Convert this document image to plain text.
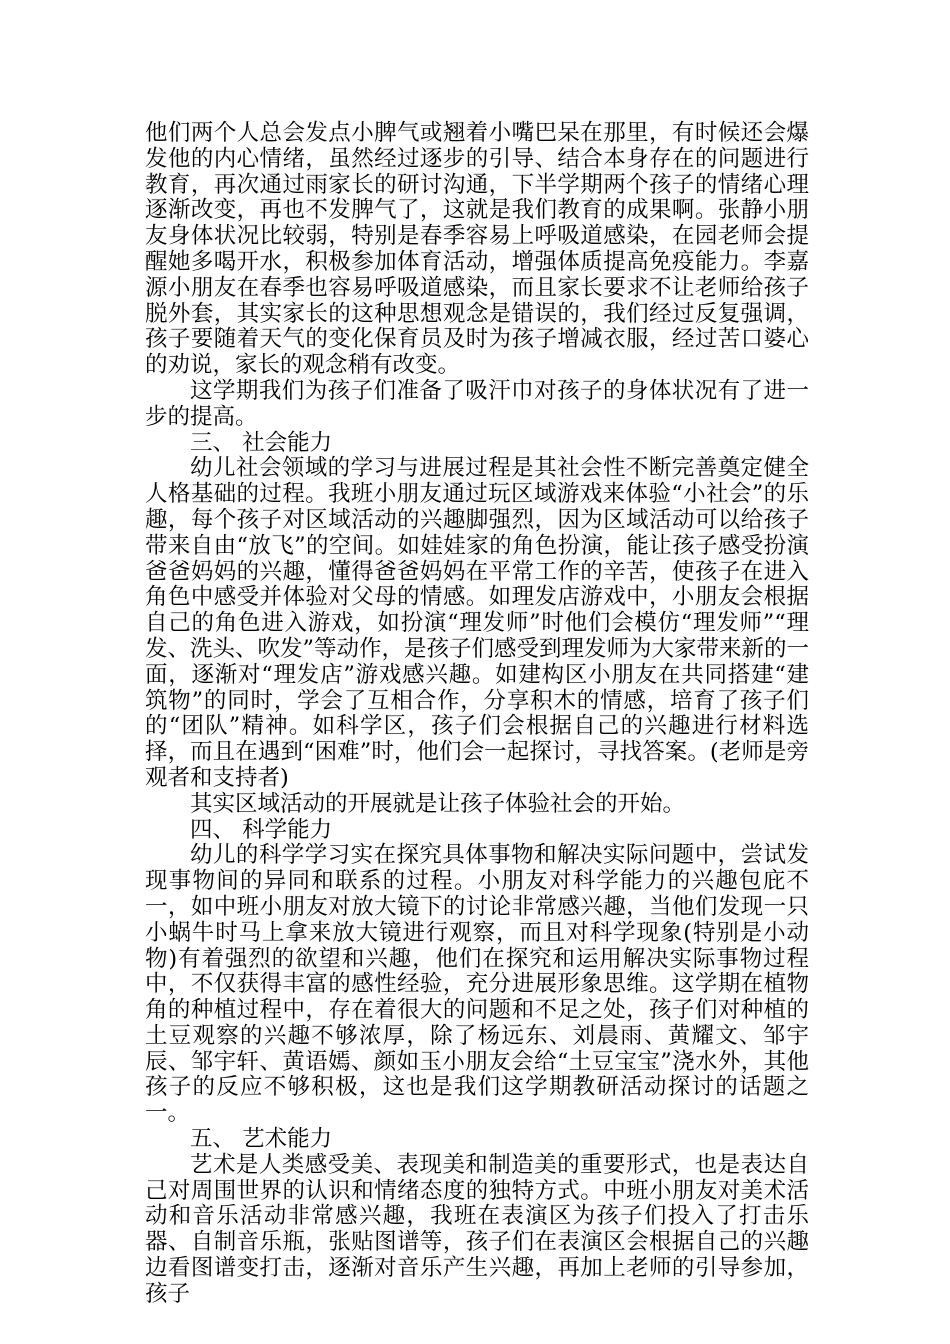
他们两个人总会发点小脾气或翘着小嘴巴呆在那里，有时候还会爆发他的内心情绪，虽然经过逐步的引导、结合本身存在的问题进行教育，再次通过雨家长的研讨沟通，下半学期两个孩子的情绪心理逐渐改变，再也不发脾气了，这就是我们教育的成果啊。张静小朋友身体状况比较弱，特别是春季容易上呼吸道感染，在园老师会提醒她多喝开水，积极参加体育活动，增强体质提高免疫能力。李嘉源小朋友在春季也容易呼吸道感染，而且家长要求不让老师给孩子脱外套，其实家长的这种思想观念是错误的，我们经过反复强调，孩子要随着天气的变化保育员及时为孩子增减衣服，经过苦口婆心的劝说，家长的观念稍有改变。

这学期我们为孩子们准备了吸汗巾对孩子的身体状况有了进一步的提高。

三、 社会能力

幼儿社会领域的学习与进展过程是其社会性不断完善奠定健全人格基础的过程。我班小朋友通过玩区域游戏来体验“小社会”的乐趣，每个孩子对区域活动的兴趣脚强烈，因为区域活动可以给孩子带来自由“放飞”的空间。如娃娃家的角色扮演，能让孩子感受扮演爸爸妈妈的兴趣，懂得爸爸妈妈在平常工作的辛苦，使孩子在进入角色中感受并体验对父母的情感。如理发店游戏中，小朋友会根据自己的角色进入游戏，如扮演“理发师”时他们会模仿“理发师”“理发、洗头、吹发”等动作，是孩子们感受到理发师为大家带来新的一面，逐渐对“理发店”游戏感兴趣。如建构区小朋友在共同搭建“建筑物”的同时，学会了互相合作，分享积木的情感，培育了孩子们的“团队”精神。如科学区，孩子们会根据自己的兴趣进行材料选择，而且在遇到“困难”时，他们会一起探讨，寻找答案。(老师是旁观者和支持者)

其实区域活动的开展就是让孩子体验社会的开始。

四、 科学能力

幼儿的科学学习实在探究具体事物和解决实际问题中，尝试发现事物间的异同和联系的过程。小朋友对科学能力的兴趣包庇不一，如中班小朋友对放大镜下的讨论非常感兴趣，当他们发现一只小蜗牛时马上拿来放大镜进行观察，而且对科学现象(特别是小动物)有着强烈的欲望和兴趣，他们在探究和运用解决实际事物过程中，不仅获得丰富的感性经验，充分进展形象思维。这学期在植物角的种植过程中，存在着很大的问题和不足之处，孩子们对种植的土豆观察的兴趣不够浓厚，除了杨远东、刘晨雨、黄耀文、邹宇辰、邹宇轩、黄语嫣、颜如玉小朋友会给“土豆宝宝”浇水外，其他孩子的反应不够积极，这也是我们这学期教研活动探讨的话题之一。

五、 艺术能力

艺术是人类感受美、表现美和制造美的重要形式，也是表达自己对周围世界的认识和情绪态度的独特方式。中班小朋友对美术活动和音乐活动非常感兴趣，我班在表演区为孩子们投入了打击乐器、自制音乐瓶，张贴图谱等，孩子们在表演区会根据自己的兴趣边看图谱变打击，逐渐对音乐产生兴趣，再加上老师的引导参加，孩子
